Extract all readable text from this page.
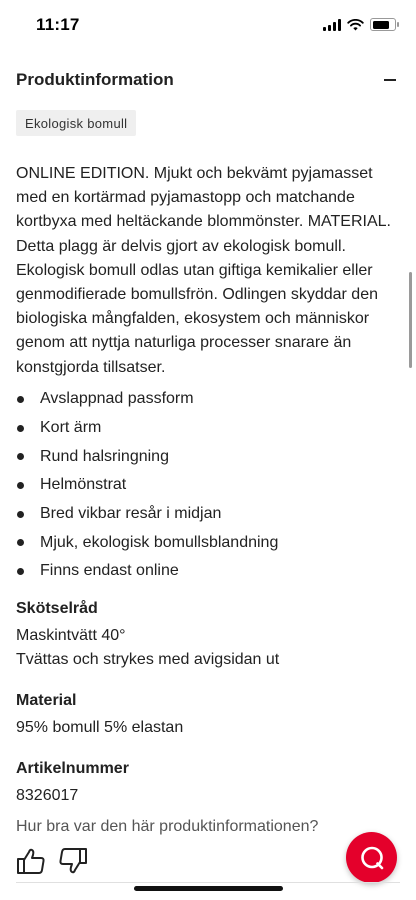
11:17
Produktinformation
Ekologisk bomull

ONLINE EDITION. Mjukt och bekvämt pyjamasset med en kortärmad pyjamastopp och matchande kortbyxa med heltäckande blommönster. MATERIAL. Detta plagg är delvis gjort av ekologisk bomull. Ekologisk bomull odlas utan giftiga kemikalier eller genmodifierade bomullsfrön. Odlingen skyddar den biologiska mångfalden, ekosystem och människor genom att nyttja naturliga processer snarare än konstgjorda tillsatser.

Avslappnad passform
Kort ärm
Rund halsringning
Helmönstrat
Bred vikbar resår i midjan
Mjuk, ekologisk bomullsblandning
Finns endast online
Skötselråd

Maskintvätt 40°

Tvättas och strykes med avigsidan ut

Material

95% bomull 5% elastan

Artikelnummer

8326017

Hur bra var den här produktinformationen?
